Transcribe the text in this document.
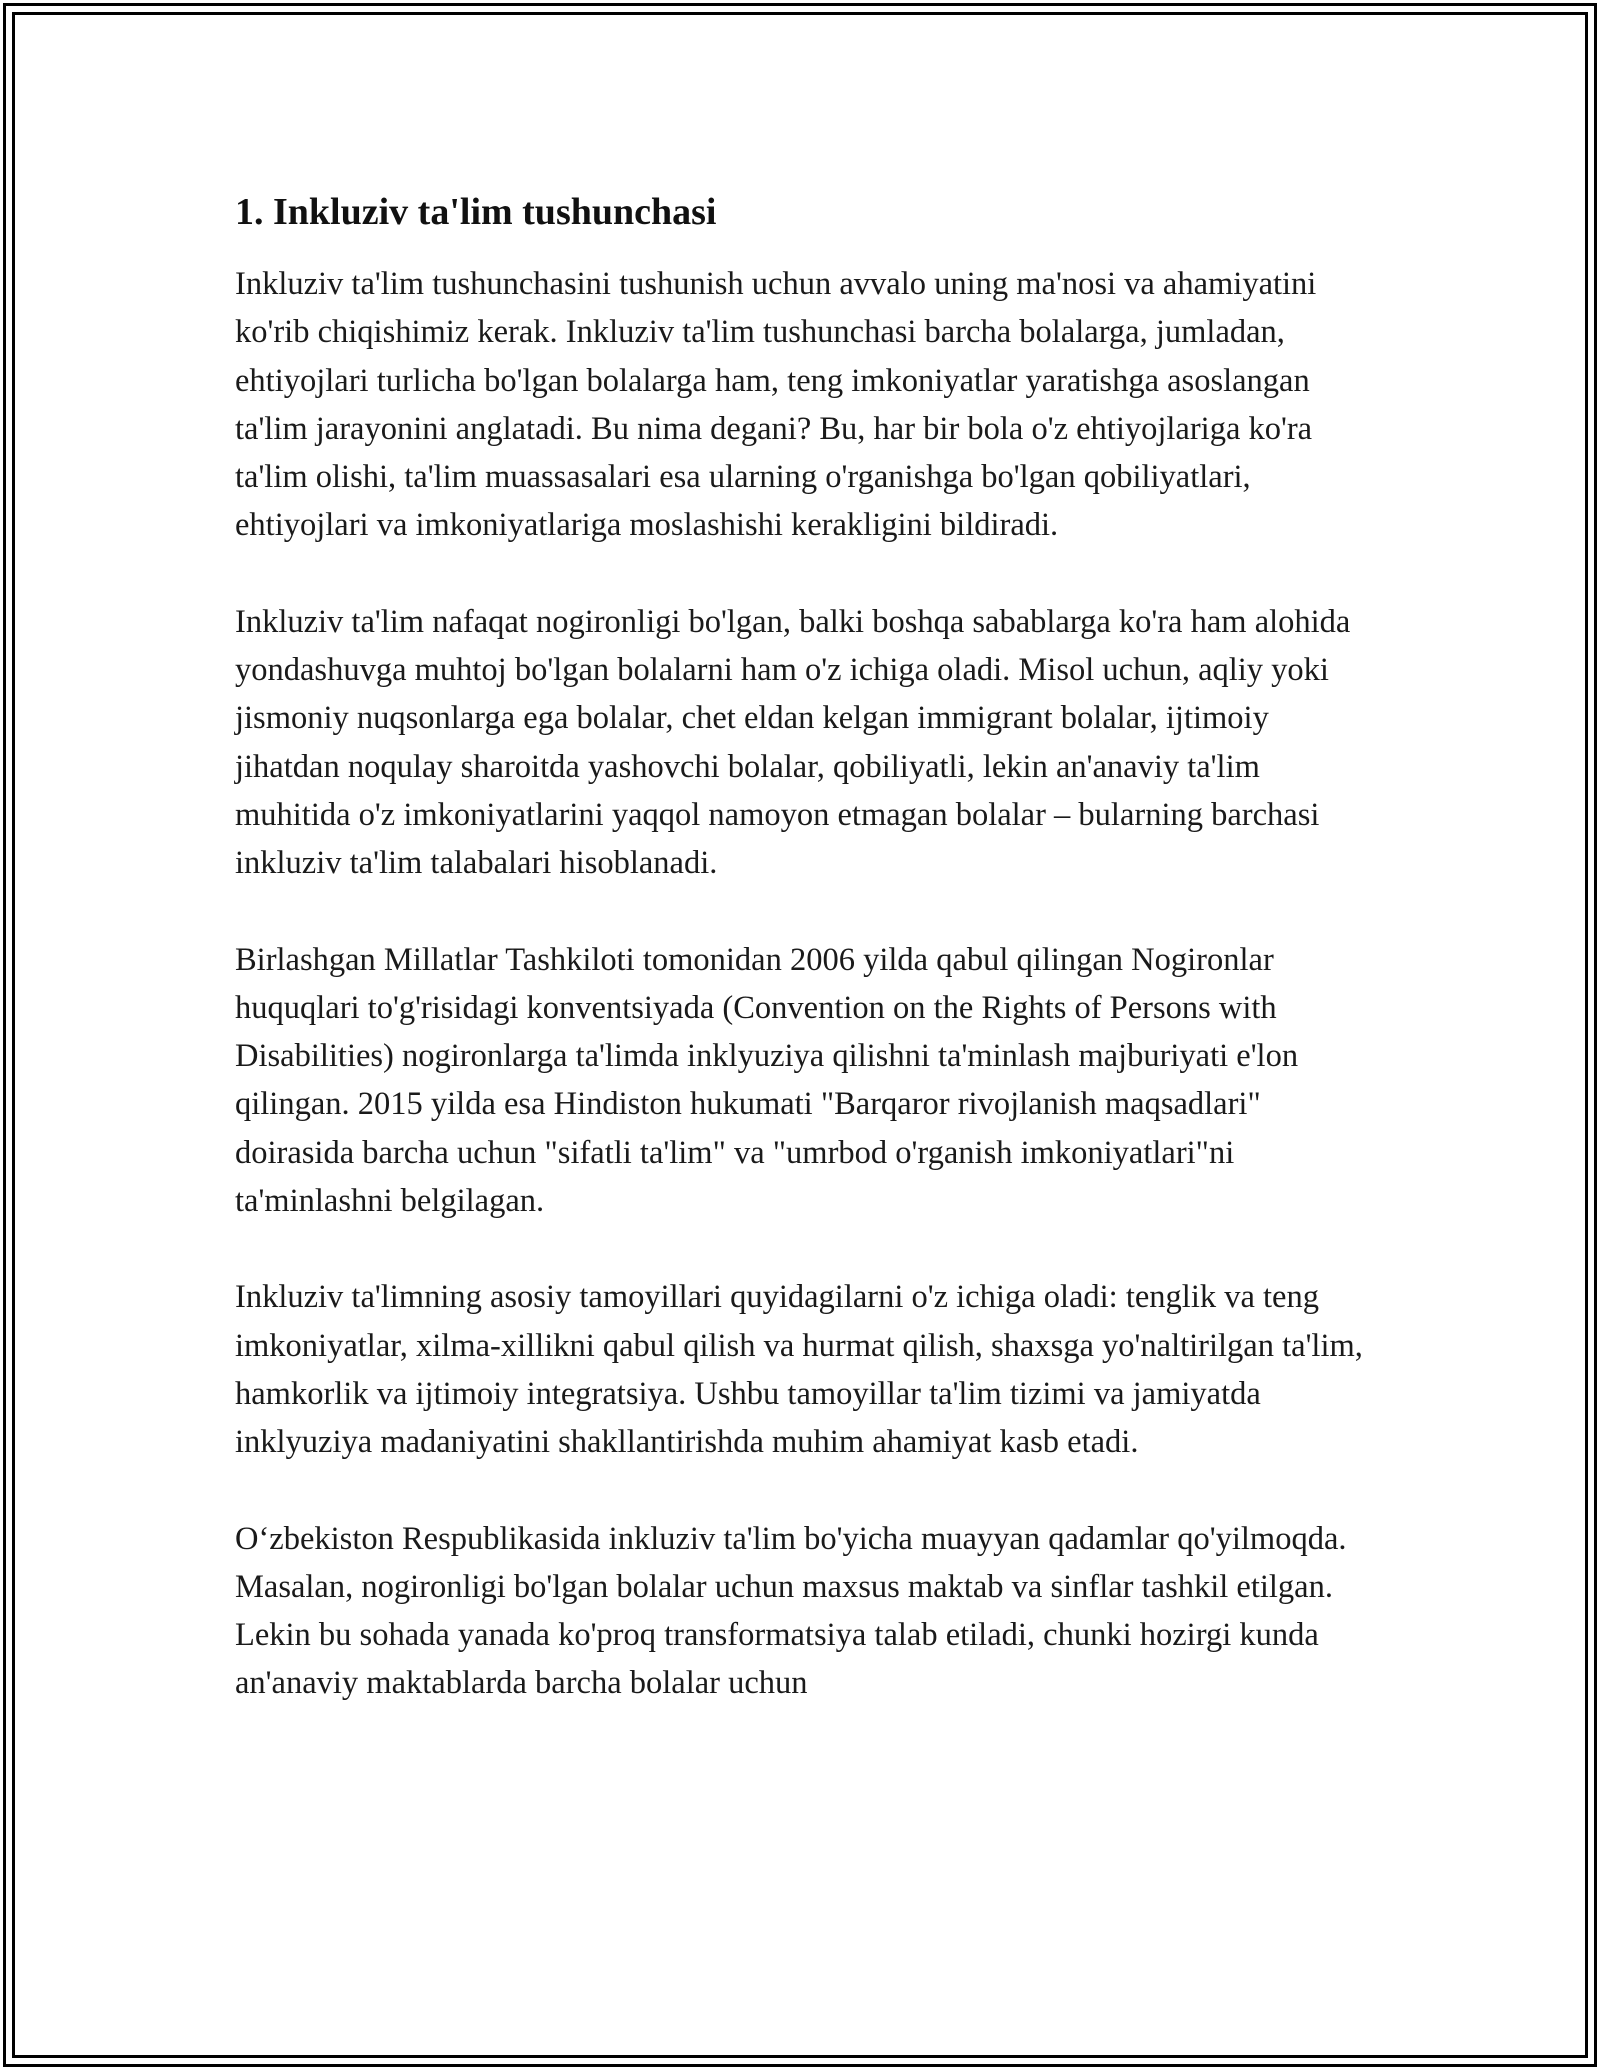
1. Inkluziv ta'lim tushunchasi

Inkluziv ta'lim tushunchasini tushunish uchun avvalo uning ma'nosi va ahamiyatini ko'rib chiqishimiz kerak. Inkluziv ta'lim tushunchasi barcha bolalarga, jumladan, ehtiyojlari turlicha bo'lgan bolalarga ham, teng imkoniyatlar yaratishga asoslangan ta'lim jarayonini anglatadi. Bu nima degani? Bu, har bir bola o'z ehtiyojlariga ko'ra ta'lim olishi, ta'lim muassasalari esa ularning o'rganishga bo'lgan qobiliyatlari, ehtiyojlari va imkoniyatlariga moslashishi kerakligini bildiradi.

Inkluziv ta'lim nafaqat nogironligi bo'lgan, balki boshqa sabablarga ko'ra ham alohida yondashuvga muhtoj bo'lgan bolalarni ham o'z ichiga oladi. Misol uchun, aqliy yoki jismoniy nuqsonlarga ega bolalar, chet eldan kelgan immigrant bolalar, ijtimoiy jihatdan noqulay sharoitda yashovchi bolalar, qobiliyatli, lekin an'anaviy ta'lim muhitida o'z imkoniyatlarini yaqqol namoyon etmagan bolalar – bularning barchasi inkluziv ta'lim talabalari hisoblanadi.

Birlashgan Millatlar Tashkiloti tomonidan 2006 yilda qabul qilingan Nogironlar huquqlari to'g'risidagi konventsiyada (Convention on the Rights of Persons with Disabilities) nogironlarga ta'limda inklyuziya qilishni ta'minlash majburiyati e'lon qilingan. 2015 yilda esa Hindiston hukumati "Barqaror rivojlanish maqsadlari" doirasida barcha uchun "sifatli ta'lim" va "umrbod o'rganish imkoniyatlari"ni ta'minlashni belgilagan.

Inkluziv ta'limning asosiy tamoyillari quyidagilarni o'z ichiga oladi: tenglik va teng imkoniyatlar, xilma-xillikni qabul qilish va hurmat qilish, shaxsga yo'naltirilgan ta'lim, hamkorlik va ijtimoiy integratsiya. Ushbu tamoyillar ta'lim tizimi va jamiyatda inklyuziya madaniyatini shakllantirishda muhim ahamiyat kasb etadi.

O‘zbekiston Respublikasida inkluziv ta'lim bo'yicha muayyan qadamlar qo'yilmoqda. Masalan, nogironligi bo'lgan bolalar uchun maxsus maktab va sinflar tashkil etilgan. Lekin bu sohada yanada ko'proq transformatsiya talab etiladi, chunki hozirgi kunda an'anaviy maktablarda barcha bolalar uchun
